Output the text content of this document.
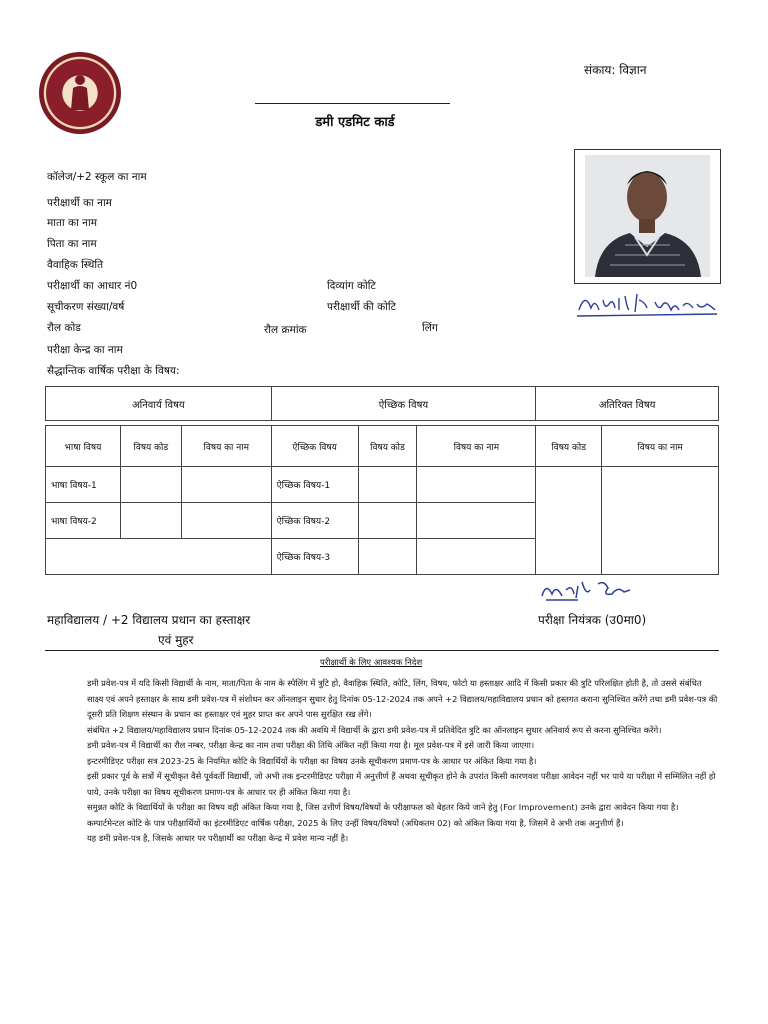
संकाय: विज्ञान
डमी एडमिट कार्ड
कॉलेज/+2 स्कूल का नाम
परीक्षार्थी का नाम
माता का नाम
पिता का नाम
वैवाहिक स्थिति
परीक्षार्थी का आधार नं0	दिव्यांग कोटि
सूचीकरण संख्या/वर्ष	परीक्षार्थी की कोटि
रौल कोड	रौल क्रमांक	लिंग
परीक्षा केन्द्र का नाम
सैद्धान्तिक वार्षिक परीक्षा के विषय:
अनिवार्य विषय			ऐच्छिक विषय			अतिरिक्त विषय	

भाषा विषय	विषय कोड	विषय का नाम	ऐच्छिक विषय	विषय कोड	विषय का नाम	विषय कोड	विषय का नाम
भाषा विषय-1			ऐच्छिक विषय-1				
भाषा विषय-2			ऐच्छिक विषय-2				
			ऐच्छिक विषय-3				
महाविद्यालय / +2 विद्यालय प्रधान का हस्ताक्षर
एवं मुहर
परीक्षा नियंत्रक (उ0मा0)
परीक्षार्थी के लिए आवश्यक निदेश

डमी प्रवेश-पत्र में यदि किसी विद्यार्थी के नाम, माता/पिता के नाम के स्पेलिंग में त्रुटि हो, वैवाहिक स्थिति, कोटि, लिंग, विषय, फोटो या हस्ताक्षर आदि में किसी प्रकार की त्रुटि परिलक्षित होती है, तो उससे संबंधित साक्ष्य एवं अपने हस्ताक्षर के साथ डमी प्रवेश-पत्र में संशोधन कर ऑनलाइन सुधार हेतु दिनांक 05-12-2024 तक अपने +2 विद्यालय/महाविद्यालय प्रधान को हस्तगत कराना सुनिश्चित करेंगे तथा डमी प्रवेश-पत्र की दूसरी प्रति शिक्षण संस्थान के प्रधान का हस्ताक्षर एवं मुहर प्राप्त कर अपने पास सुरक्षित रख लेंगे।

संबंधित +2 विद्यालय/महाविद्यालय प्रधान दिनांक 05-12-2024 तक की अवधि में विद्यार्थी के द्वारा डमी प्रवेश-पत्र में प्रतिवेदित त्रुटि का ऑनलाइन सुधार अनिवार्य रूप से करना सुनिश्चित करेंगे।

डमी प्रवेश-पत्र में विद्यार्थी का रौल नम्बर, परीक्षा केन्द्र का नाम तथा परीक्षा की तिथि अंकित नहीं किया गया है। मूल प्रवेश-पत्र में इसे जारी किया जाएगा।

इन्टरमीडिएट परीक्षा सत्र 2023-25 के नियमित कोटि के विद्यार्थियों के परीक्षा का विषय उनके सूचीकरण प्रमाण-पत्र के आधार पर अंकित किया गया है।

इसी प्रकार पूर्व के सत्रों में सूचीकृत वैसे पूर्ववर्ती विद्यार्थी, जो अभी तक इन्टरमीडिएट परीक्षा में अनुत्तीर्ण हैं अथवा सूचीकृत होने के उपरांत किसी कारणवश परीक्षा आवेदन नहीं भर पाये या परीक्षा में सम्मिलित नहीं हो पाये, उनके परीक्षा का विषय सूचीकरण प्रमाण-पत्र के आधार पर ही अंकित किया गया है।

समुन्नत कोटि के विद्यार्थियों के परीक्षा का विषय वही अंकित किया गया है, जिस उत्तीर्ण विषय/विषयों के परीक्षाफल को बेहतर किये जाने हेतु (For Improvement) उनके द्वारा आवेदन किया गया है।

कम्पार्टमेन्टल कोटि के पात्र परीक्षार्थियों का इंटरमीडिएट वार्षिक परीक्षा, 2025 के लिए उन्हीं विषय/विषयों (अधिकतम 02) को अंकित किया गया है, जिसमें वे अभी तक अनुत्तीर्ण हैं।

यह डमी प्रवेश-पत्र है, जिसके आधार पर परीक्षार्थी का परीक्षा केन्द्र में प्रवेश मान्य नहीं है।
